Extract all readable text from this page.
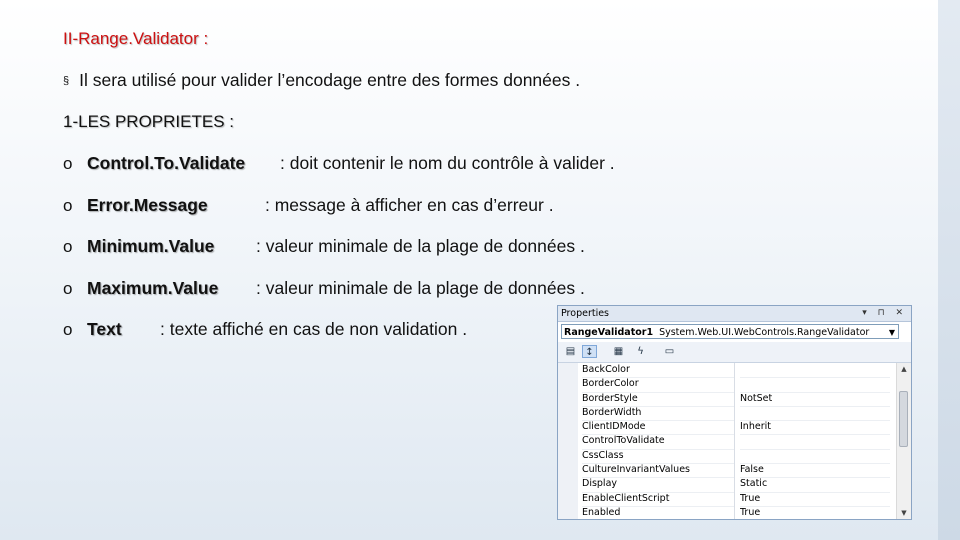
II-Range.Validator :
§ Il sera utilisé pour valider l’encodage entre des formes données .
1-LES PROPRIETES :
o Control.To.Validate : doit contenir le nom du contrôle à valider .
o Error.Message	: message à afficher en cas d’erreur .
o Minimum.Value : valeur minimale de la plage de données .
o Maximum.Value : valeur minimale de la plage de données .
o Text : texte affiché en cas de non validation .
Properties	▾ ⊓ ✕
RangeValidator1 System.Web.UI.WebControls.RangeValidator ▼
▤	↕	▦	ϟ	▭
BackColor
BorderColor
BorderStyle	NotSet
BorderWidth
ClientIDMode	Inherit
ControlToValidate
CssClass
CultureInvariantValues	False
Display	Static
EnableClientScript	True
Enabled	True
▲
▼
